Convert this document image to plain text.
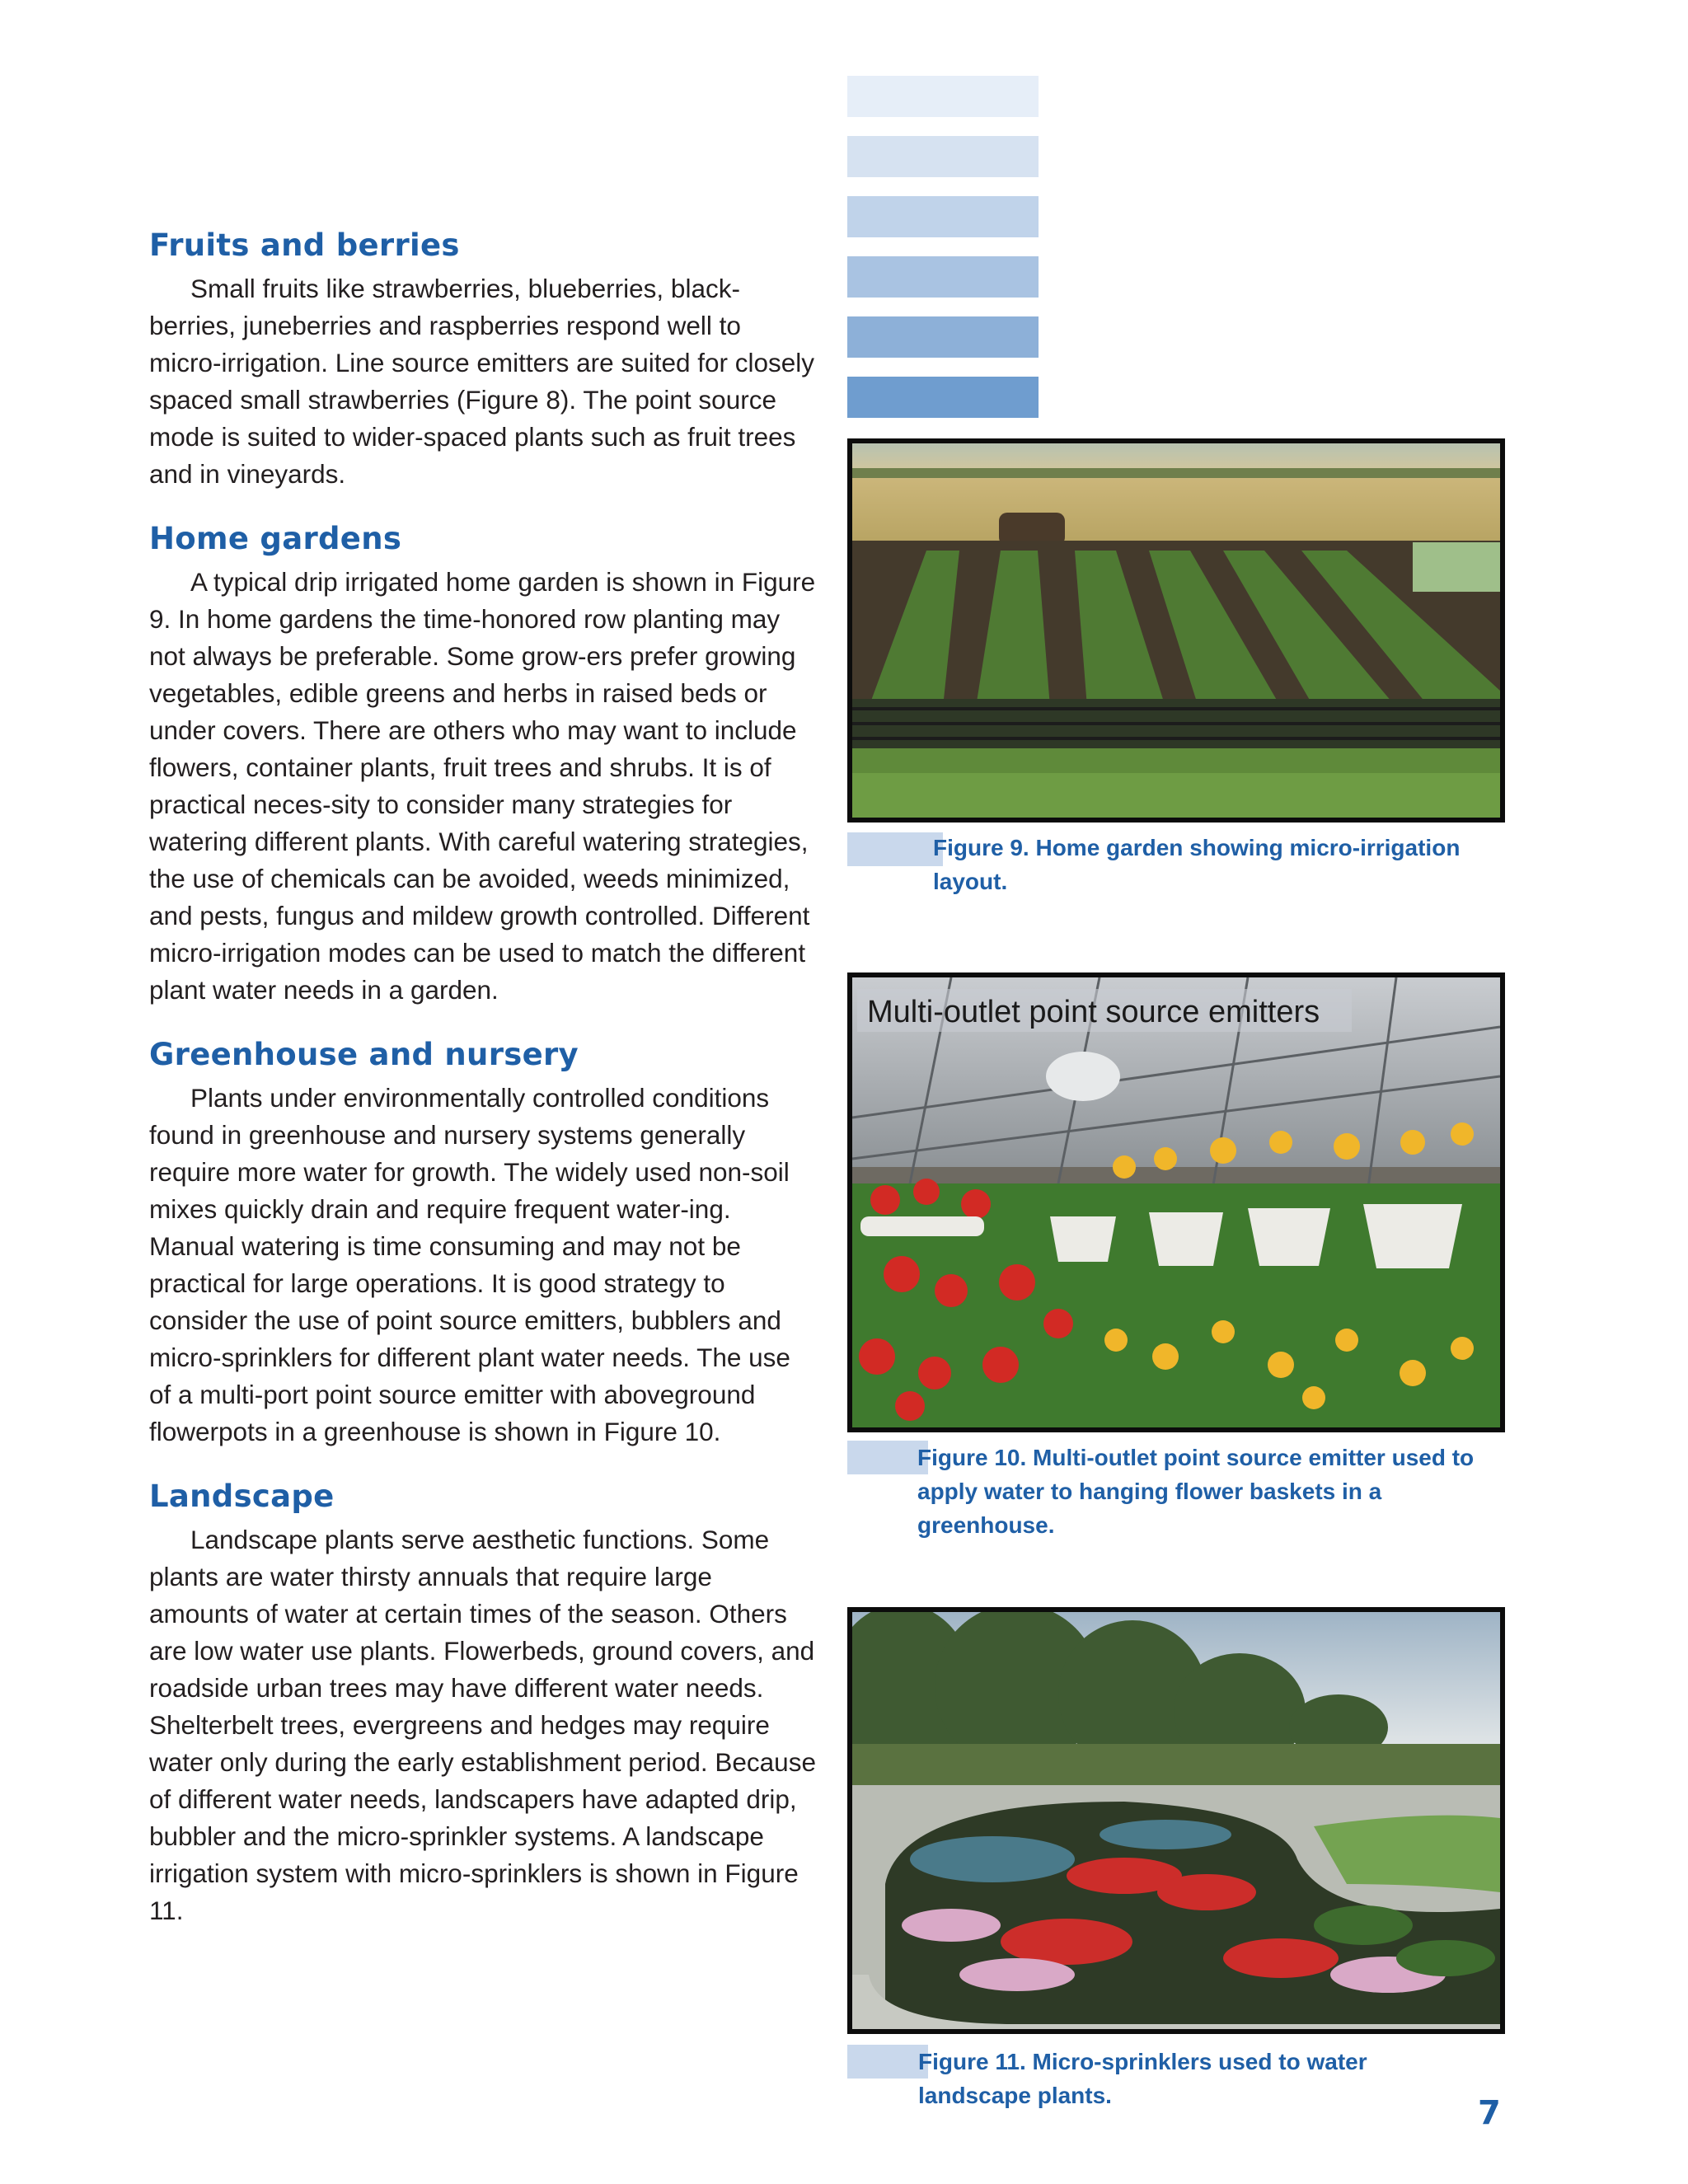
Fruits and berries

Small fruits like strawberries, blueberries, black-berries, juneberries and raspberries respond well to micro-irrigation. Line source emitters are suited for closely spaced small strawberries (Figure 8). The point source mode is suited to wider-spaced plants such as fruit trees and in vineyards.

Home gardens

A typical drip irrigated home garden is shown in Figure 9. In home gardens the time-honored row planting may not always be preferable. Some grow-ers prefer growing vegetables, edible greens and herbs in raised beds or under covers. There are others who may want to include flowers, container plants, fruit trees and shrubs. It is of practical neces-sity to consider many strategies for watering different plants. With careful watering strategies, the use of chemicals can be avoided, weeds minimized, and pests, fungus and mildew growth controlled. Different micro-irrigation modes can be used to match the different plant water needs in a garden.

Greenhouse and nursery

Plants under environmentally controlled conditions found in greenhouse and nursery systems generally require more water for growth. The widely used non-soil mixes quickly drain and require frequent water-ing. Manual watering is time consuming and may not be practical for large operations. It is good strategy to consider the use of point source emitters, bubblers and micro-sprinklers for different plant water needs. The use of a multi-port point source emitter with aboveground flowerpots in a greenhouse is shown in Figure 10.

Landscape

Landscape plants serve aesthetic functions. Some plants are water thirsty annuals that require large amounts of water at certain times of the season. Others are low water use plants. Flowerbeds, ground covers, and roadside urban trees may have different water needs. Shelterbelt trees, evergreens and hedges may require water only during the early establishment period. Because of different water needs, landscapers have adapted drip, bubbler and the micro-sprinkler systems. A landscape irrigation system with micro-sprinklers is shown in Figure 11.

Figure 9. Home garden showing micro-irrigation layout.

Multi-outlet point source emitters

Figure 10. Multi-outlet point source emitter used to apply water to hanging flower baskets in a greenhouse.

Figure 11. Micro-sprinklers used to water landscape plants.	7
